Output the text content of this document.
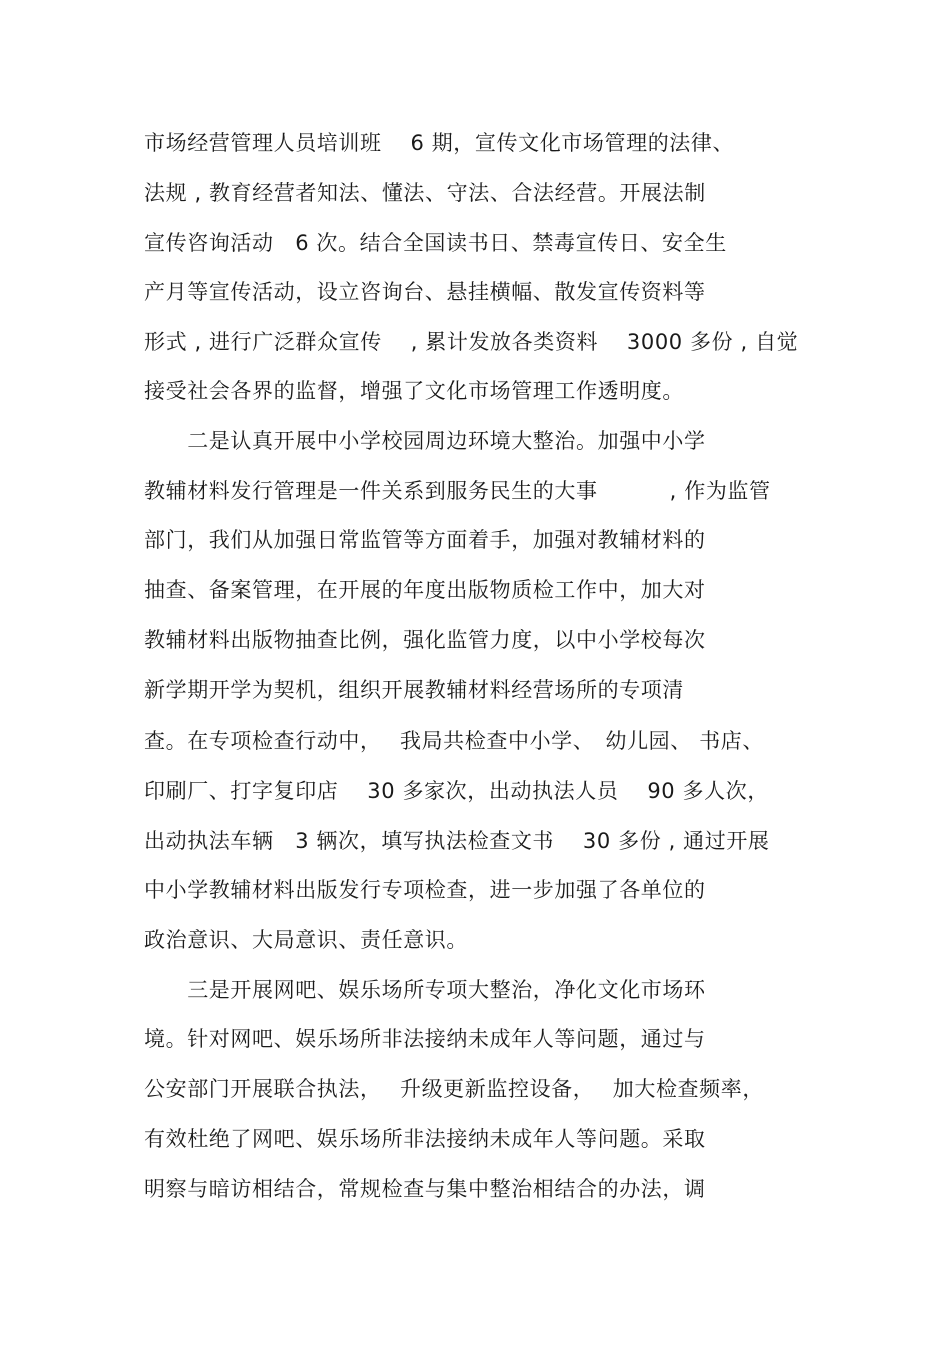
市场经营管理人员培训班　 6 期，宣传文化市场管理的法律、
法规 , 教育经营者知法、懂法、守法、合法经营。开展法制
宣传咨询活动　6 次。结合全国读书日、禁毒宣传日、安全生
产月等宣传活动，设立咨询台、悬挂横幅、散发宣传资料等
形式 , 进行广泛群众宣传　 , 累计发放各类资料　 3000 多份 , 自觉
接受社会各界的监督，增强了文化市场管理工作透明度。
　　二是认真开展中小学校园周边环境大整治。加强中小学
教辅材料发行管理是一件关系到服务民生的大事　　　 , 作为监管
部门，我们从加强日常监管等方面着手，加强对教辅材料的
抽查、备案管理，在开展的年度出版物质检工作中，加大对
教辅材料出版物抽查比例，强化监管力度，以中小学校每次
新学期开学为契机，组织开展教辅材料经营场所的专项清
查。在专项检查行动中，　 我局共检查中小学、　幼儿园、 书店、
印刷厂、打字复印店　 30 多家次，出动执法人员　 90 多人次，
出动执法车辆　3 辆次，填写执法检查文书　 30 多份 , 通过开展
中小学教辅材料出版发行专项检查，进一步加强了各单位的
政治意识、大局意识、责任意识。
　　三是开展网吧、娱乐场所专项大整治，净化文化市场环
境。针对网吧、娱乐场所非法接纳未成年人等问题，通过与
公安部门开展联合执法，　 升级更新监控设备，　 加大检查频率，
有效杜绝了网吧、娱乐场所非法接纳未成年人等问题。采取
明察与暗访相结合，常规检查与集中整治相结合的办法，调
